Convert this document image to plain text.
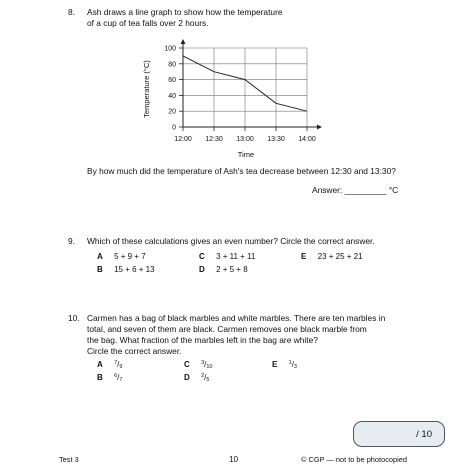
8. Ash draws a line graph to show how the temperature
of a cup of tea falls over 2 hours.
0
20
40
60
80
100
12:00 12:30 13:00 13:30 14:00
Temperature (°C)
Time
By how much did the temperature of Ash's tea decrease between 12:30 and 13:30?
Answer: _________ °C
9. Which of these calculations gives an even number? Circle the correct answer.
A 5 + 9 + 7
B 15 + 6 + 13
C 3 + 11 + 11
D 2 + 5 + 8
E 23 + 25 + 21
10. Carmen has a bag of black marbles and white marbles. There are ten marbles in
total, and seven of them are black. Carmen removes one black marble from
the bag. What fraction of the marbles left in the bag are white?
Circle the correct answer.
A $^7/_9$
B $^6/_7$
C $^3/_{10}$
D $^2/_5$
E $^1/_3$
/ 10
Test 3	10	© CGP — not to be photocopied
